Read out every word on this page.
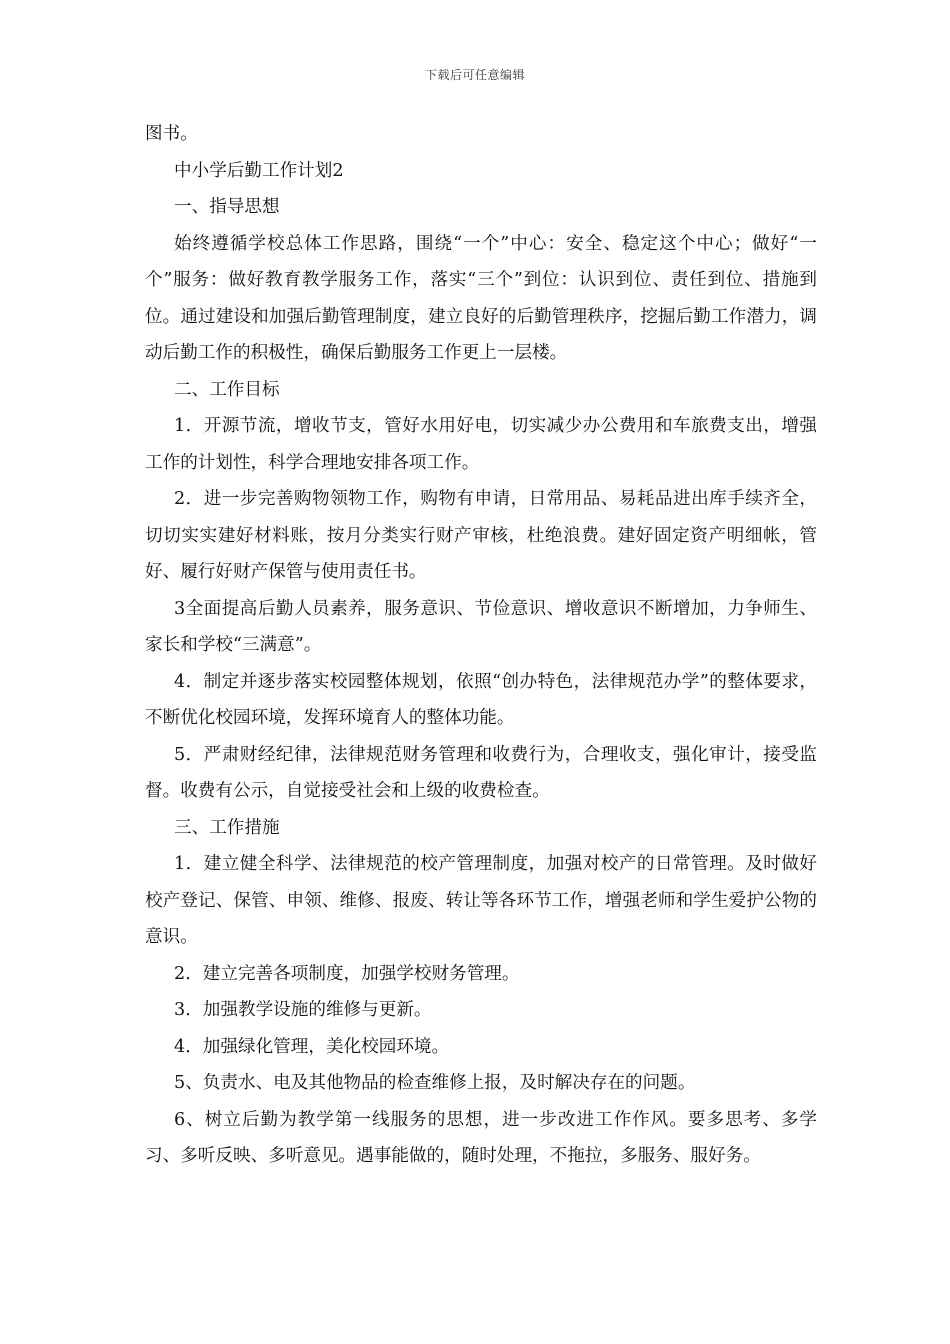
下载后可任意编辑

图书。

中小学后勤工作计划2

一、指导思想

始终遵循学校总体工作思路，围绕“一个”中心：安全、稳定这个中心；做好“一个”服务：做好教育教学服务工作，落实“三个”到位：认识到位、责任到位、措施到位。通过建设和加强后勤管理制度，建立良好的后勤管理秩序，挖掘后勤工作潜力，调动后勤工作的积极性，确保后勤服务工作更上一层楼。

二、工作目标

1．开源节流，增收节支，管好水用好电，切实减少办公费用和车旅费支出，增强工作的计划性，科学合理地安排各项工作。

2．进一步完善购物领物工作，购物有申请，日常用品、易耗品进出库手续齐全，切切实实建好材料账，按月分类实行财产审核，杜绝浪费。建好固定资产明细帐，管好、履行好财产保管与使用责任书。

3全面提高后勤人员素养，服务意识、节俭意识、增收意识不断增加，力争师生、家长和学校“三满意”。

4．制定并逐步落实校园整体规划，依照“创办特色，法律规范办学”的整体要求，不断优化校园环境，发挥环境育人的整体功能。

5．严肃财经纪律，法律规范财务管理和收费行为，合理收支，强化审计，接受监督。收费有公示，自觉接受社会和上级的收费检查。

三、工作措施

1．建立健全科学、法律规范的校产管理制度，加强对校产的日常管理。及时做好校产登记、保管、申领、维修、报废、转让等各环节工作，增强老师和学生爱护公物的意识。

2．建立完善各项制度，加强学校财务管理。

3．加强教学设施的维修与更新。

4．加强绿化管理，美化校园环境。

5、负责水、电及其他物品的检查维修上报，及时解决存在的问题。

6、树立后勤为教学第一线服务的思想，进一步改进工作作风。要多思考、多学习、多听反映、多听意见。遇事能做的，随时处理，不拖拉，多服务、服好务。
